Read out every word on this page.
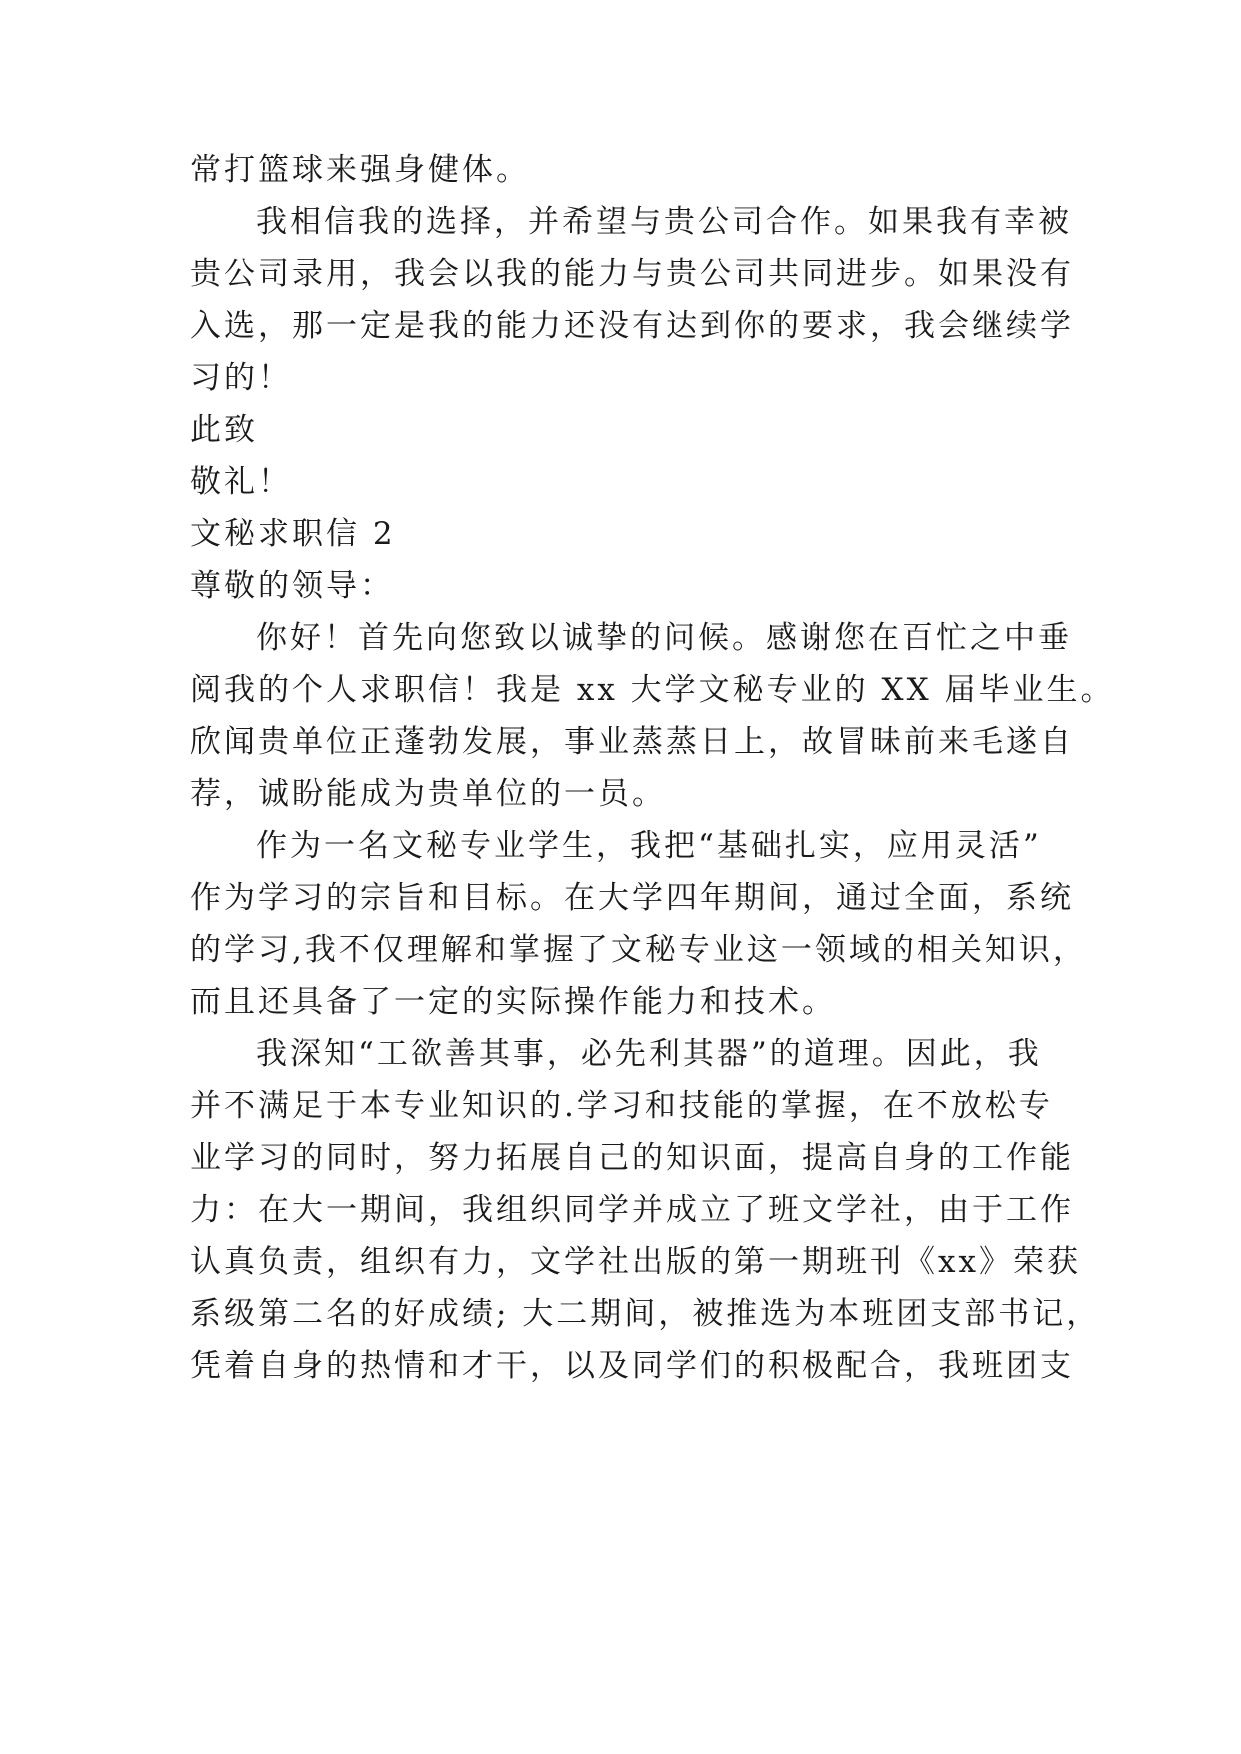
常打篮球来强身健体。
我相信我的选择，并希望与贵公司合作。如果我有幸被
贵公司录用，我会以我的能力与贵公司共同进步。如果没有
入选，那一定是我的能力还没有达到你的要求，我会继续学
习的！
此致
敬礼！
文秘求职信 2
尊敬的领导：
你好！首先向您致以诚挚的问候。感谢您在百忙之中垂
阅我的个人求职信！我是 xx 大学文秘专业的 XX 届毕业生。
欣闻贵单位正蓬勃发展，事业蒸蒸日上，故冒昧前来毛遂自
荐，诚盼能成为贵单位的一员。
作为一名文秘专业学生，我把“基础扎实，应用灵活”
作为学习的宗旨和目标。在大学四年期间，通过全面，系统
的学习,我不仅理解和掌握了文秘专业这一领域的相关知识，
而且还具备了一定的实际操作能力和技术。
我深知“工欲善其事，必先利其器”的道理。因此，我
并不满足于本专业知识的.学习和技能的掌握，在不放松专
业学习的同时，努力拓展自己的知识面，提高自身的工作能
力：在大一期间，我组织同学并成立了班文学社，由于工作
认真负责，组织有力，文学社出版的第一期班刊《xx》荣获
系级第二名的好成绩; 大二期间，被推选为本班团支部书记，
凭着自身的热情和才干，以及同学们的积极配合，我班团支
